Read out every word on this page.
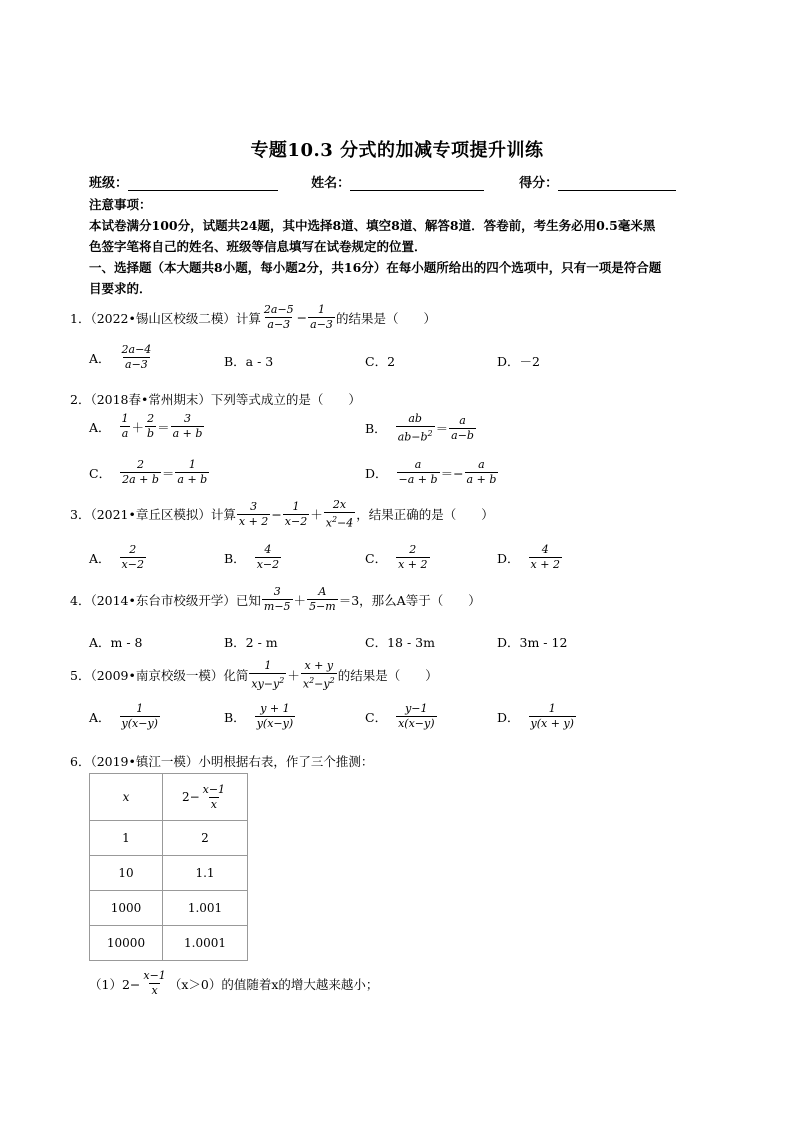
专题10.3 分式的加减专项提升训练
班级：	姓名：	得分：
注意事项：
本试卷满分100分，试题共24题，其中选择8道、填空8道、解答8道．答卷前，考生务必用0.5毫米黑
色签字笔将自己的姓名、班级等信息填写在试卷规定的位置．
一、选择题（本大题共8小题，每小题2分，共16分）在每小题所给出的四个选项中，只有一项是符合题
目要求的．
1．（2022•锡山区校级二模）计算
2a−5
$a-3 - \frac{1}{a-3}$ 的结果是（　　）
A．
2a−4
a−3	B．a - 3	C．2	D．－2
2．（2018春•常州期末）下列等式成立的是（　　）
A．
1
a ＋
2
b ＝
3
a + b	B．
ab
$ab-b^2$ ＝
a
a−b
C．
2
2a + b ＝
1
a + b	D．
a
$-a + b =- \frac{a}{a + b}$
3．（2021•章丘区模拟）计算
3
$x + 2 - \frac{1}{x-2}$ ＋
2x
$x^2-4$
，结果正确的是（　　）
A．
2
x−2	B．
4
x−2	C．
2
x + 2	D．
4
x + 2
4．（2014•东台市校级开学）已知
3
m−5 ＋
A
5−m ＝3，那么A等于（　　）
A．m - 8	B．2 - m	C．18 - 3m	D．3m - 12
5．（2009•南京校级一模）化简
1
$xy-y^2$ ＋
x + y
$x^2-y^2$ 的结果是（　　）
A．
1
y(x−y)	B．
y + 1
y(x−y)	C．
y−1
x(x−y)	D．
1
y(x + y)
6．（2019•镇江一模）小明根据右表，作了三个推测：
x	$2- \frac{x-1}{x}$

1	2
10	1.1
1000	1.001
10000	1.0001
$(1)2- \frac{x-1}{x} (x>0)$的值随着x的增大越来越小；
